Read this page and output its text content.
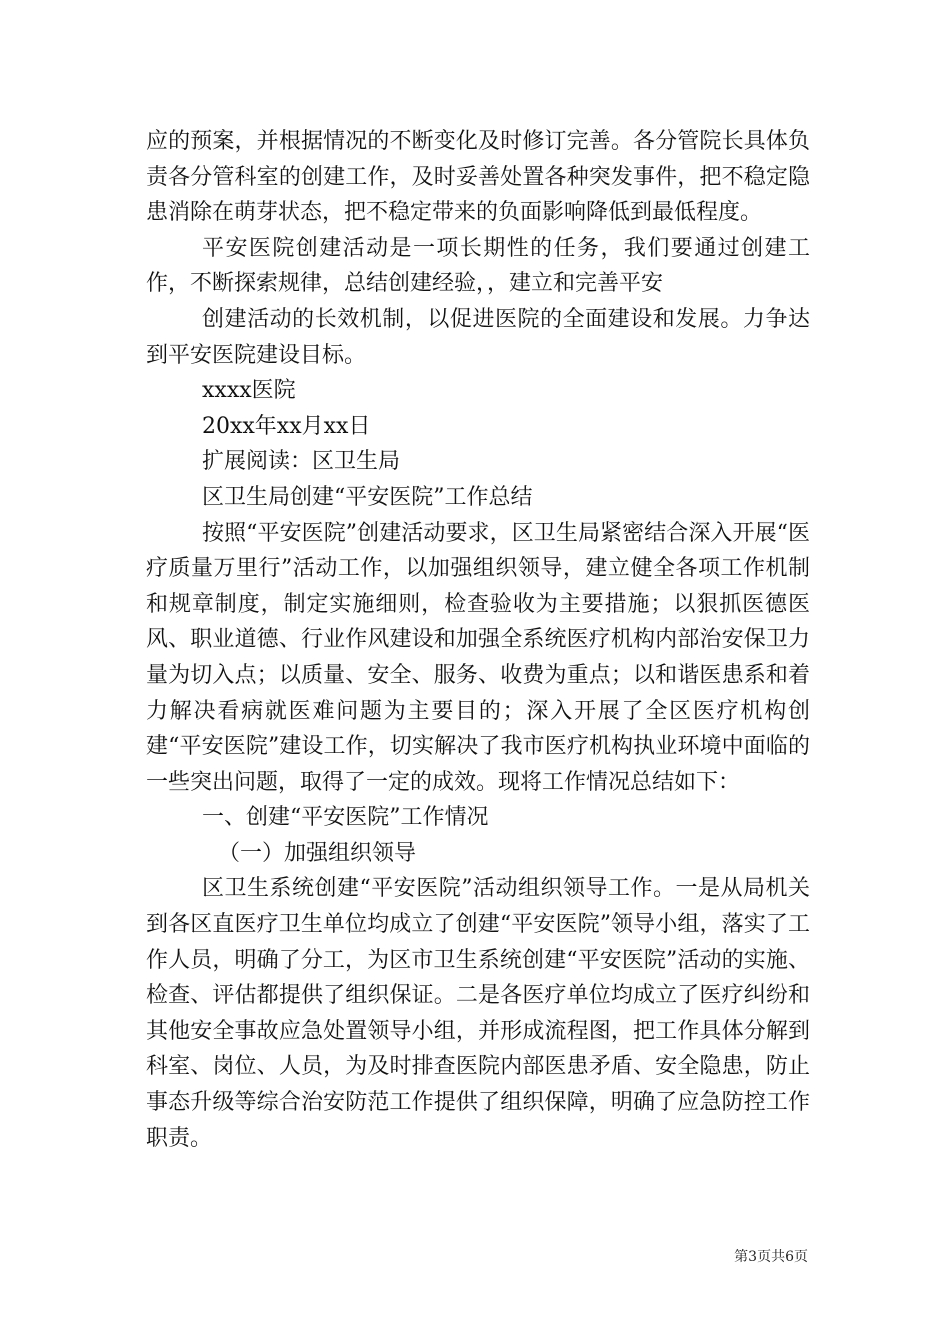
应的预案，并根据情况的不断变化及时修订完善。各分管院长具体负责各分管科室的创建工作，及时妥善处置各种突发事件，把不稳定隐患消除在萌芽状态，把不稳定带来的负面影响降低到最低程度。

平安医院创建活动是一项长期性的任务，我们要通过创建工作，不断探索规律，总结创建经验，，建立和完善平安

创建活动的长效机制，以促进医院的全面建设和发展。力争达到平安医院建设目标。

xxxx医院

20xx年xx月xx日

扩展阅读：区卫生局

区卫生局创建“平安医院”工作总结

按照“平安医院”创建活动要求，区卫生局紧密结合深入开展“医疗质量万里行”活动工作，以加强组织领导，建立健全各项工作机制和规章制度，制定实施细则，检查验收为主要措施；以狠抓医德医风、职业道德、行业作风建设和加强全系统医疗机构内部治安保卫力量为切入点；以质量、安全、服务、收费为重点；以和谐医患系和着力解决看病就医难问题为主要目的；深入开展了全区医疗机构创建“平安医院”建设工作，切实解决了我市医疗机构执业环境中面临的一些突出问题，取得了一定的成效。现将工作情况总结如下：

一、创建“平安医院”工作情况

（一）加强组织领导

区卫生系统创建“平安医院”活动组织领导工作。一是从局机关到各区直医疗卫生单位均成立了创建“平安医院”领导小组，落实了工作人员，明确了分工，为区市卫生系统创建“平安医院”活动的实施、检查、评估都提供了组织保证。二是各医疗单位均成立了医疗纠纷和其他安全事故应急处置领导小组，并形成流程图，把工作具体分解到科室、岗位、人员，为及时排查医院内部医患矛盾、安全隐患，防止事态升级等综合治安防范工作提供了组织保障，明确了应急防控工作职责。

第3页共6页
